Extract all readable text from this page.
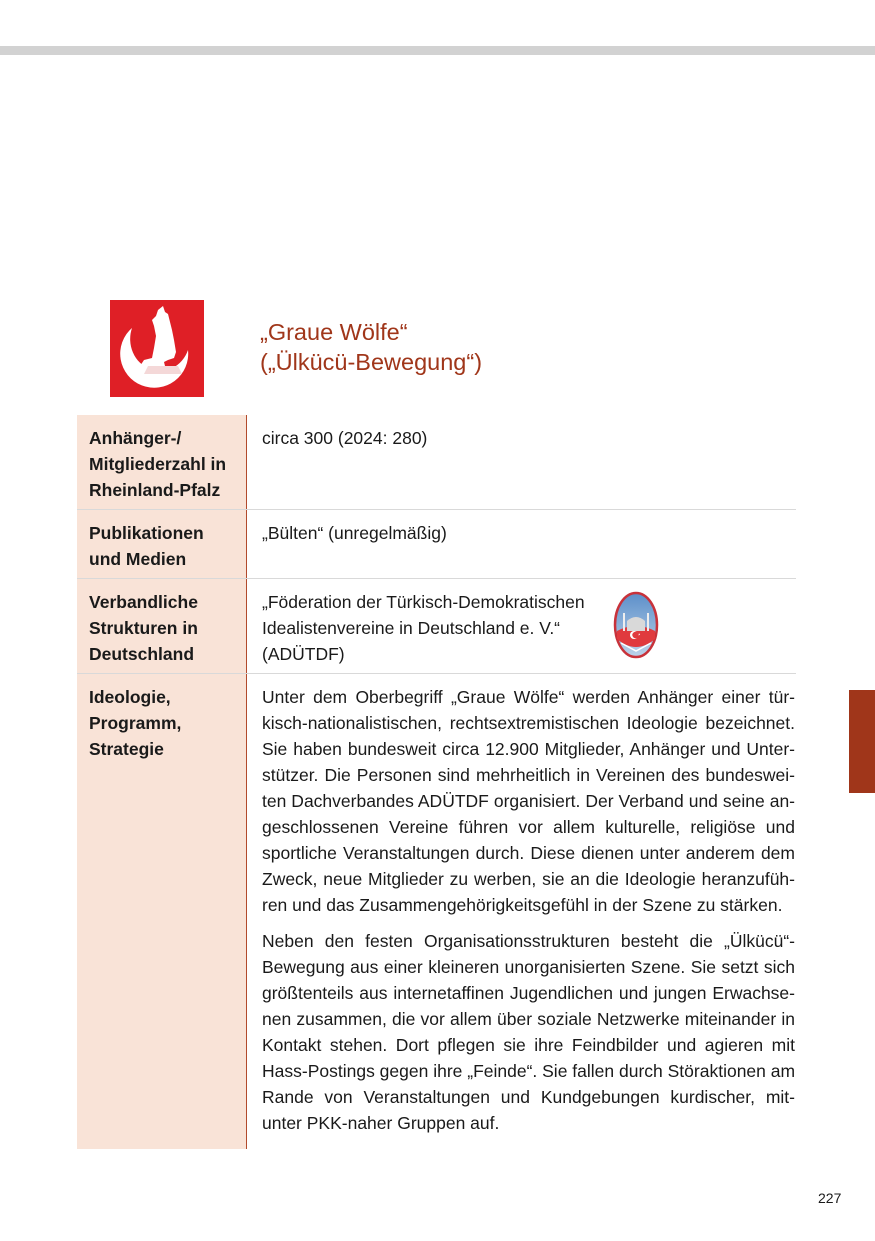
„Graue Wölfe“
(„Ülkücü-Bewegung“)
Anhänger-/
Mitgliederzahl in
Rheinland-Pfalz
circa 300 (2024: 280)
Publikationen
und Medien
„Bülten“ (unregelmäßig)
Verbandliche
Strukturen in
Deutschland
„Föderation der Türkisch-Demokratischen
Idealistenvereine in Deutschland e. V.“
(ADÜTDF)
Ideologie,
Programm,
Strategie
Unter dem Oberbegriff „Graue Wölfe“ werden Anhänger einer tür-
kisch-nationalistischen, rechtsextremistischen Ideologie bezeichnet.
Sie haben bundesweit circa 12.900 Mitglieder, Anhänger und Unter-
stützer. Die Personen sind mehrheitlich in Vereinen des bundeswei-
ten Dachverbandes ADÜTDF organisiert. Der Verband und seine an-
geschlossenen Vereine führen vor allem kulturelle, religiöse und
sportliche Veranstaltungen durch. Diese dienen unter anderem dem
Zweck, neue Mitglieder zu werben, sie an die Ideologie heranzufüh-
ren und das Zusammengehörigkeitsgefühl in der Szene zu stärken.
Neben den festen Organisationsstrukturen besteht die „Ülkücü“-
Bewegung aus einer kleineren unorganisierten Szene. Sie setzt sich
größtenteils aus internetaffinen Jugendlichen und jungen Erwachse-
nen zusammen, die vor allem über soziale Netzwerke miteinander in
Kontakt stehen. Dort pflegen sie ihre Feindbilder und agieren mit
Hass-Postings gegen ihre „Feinde“. Sie fallen durch Störaktionen am
Rande von Veranstaltungen und Kundgebungen kurdischer, mit-
unter PKK-naher Gruppen auf.
227
